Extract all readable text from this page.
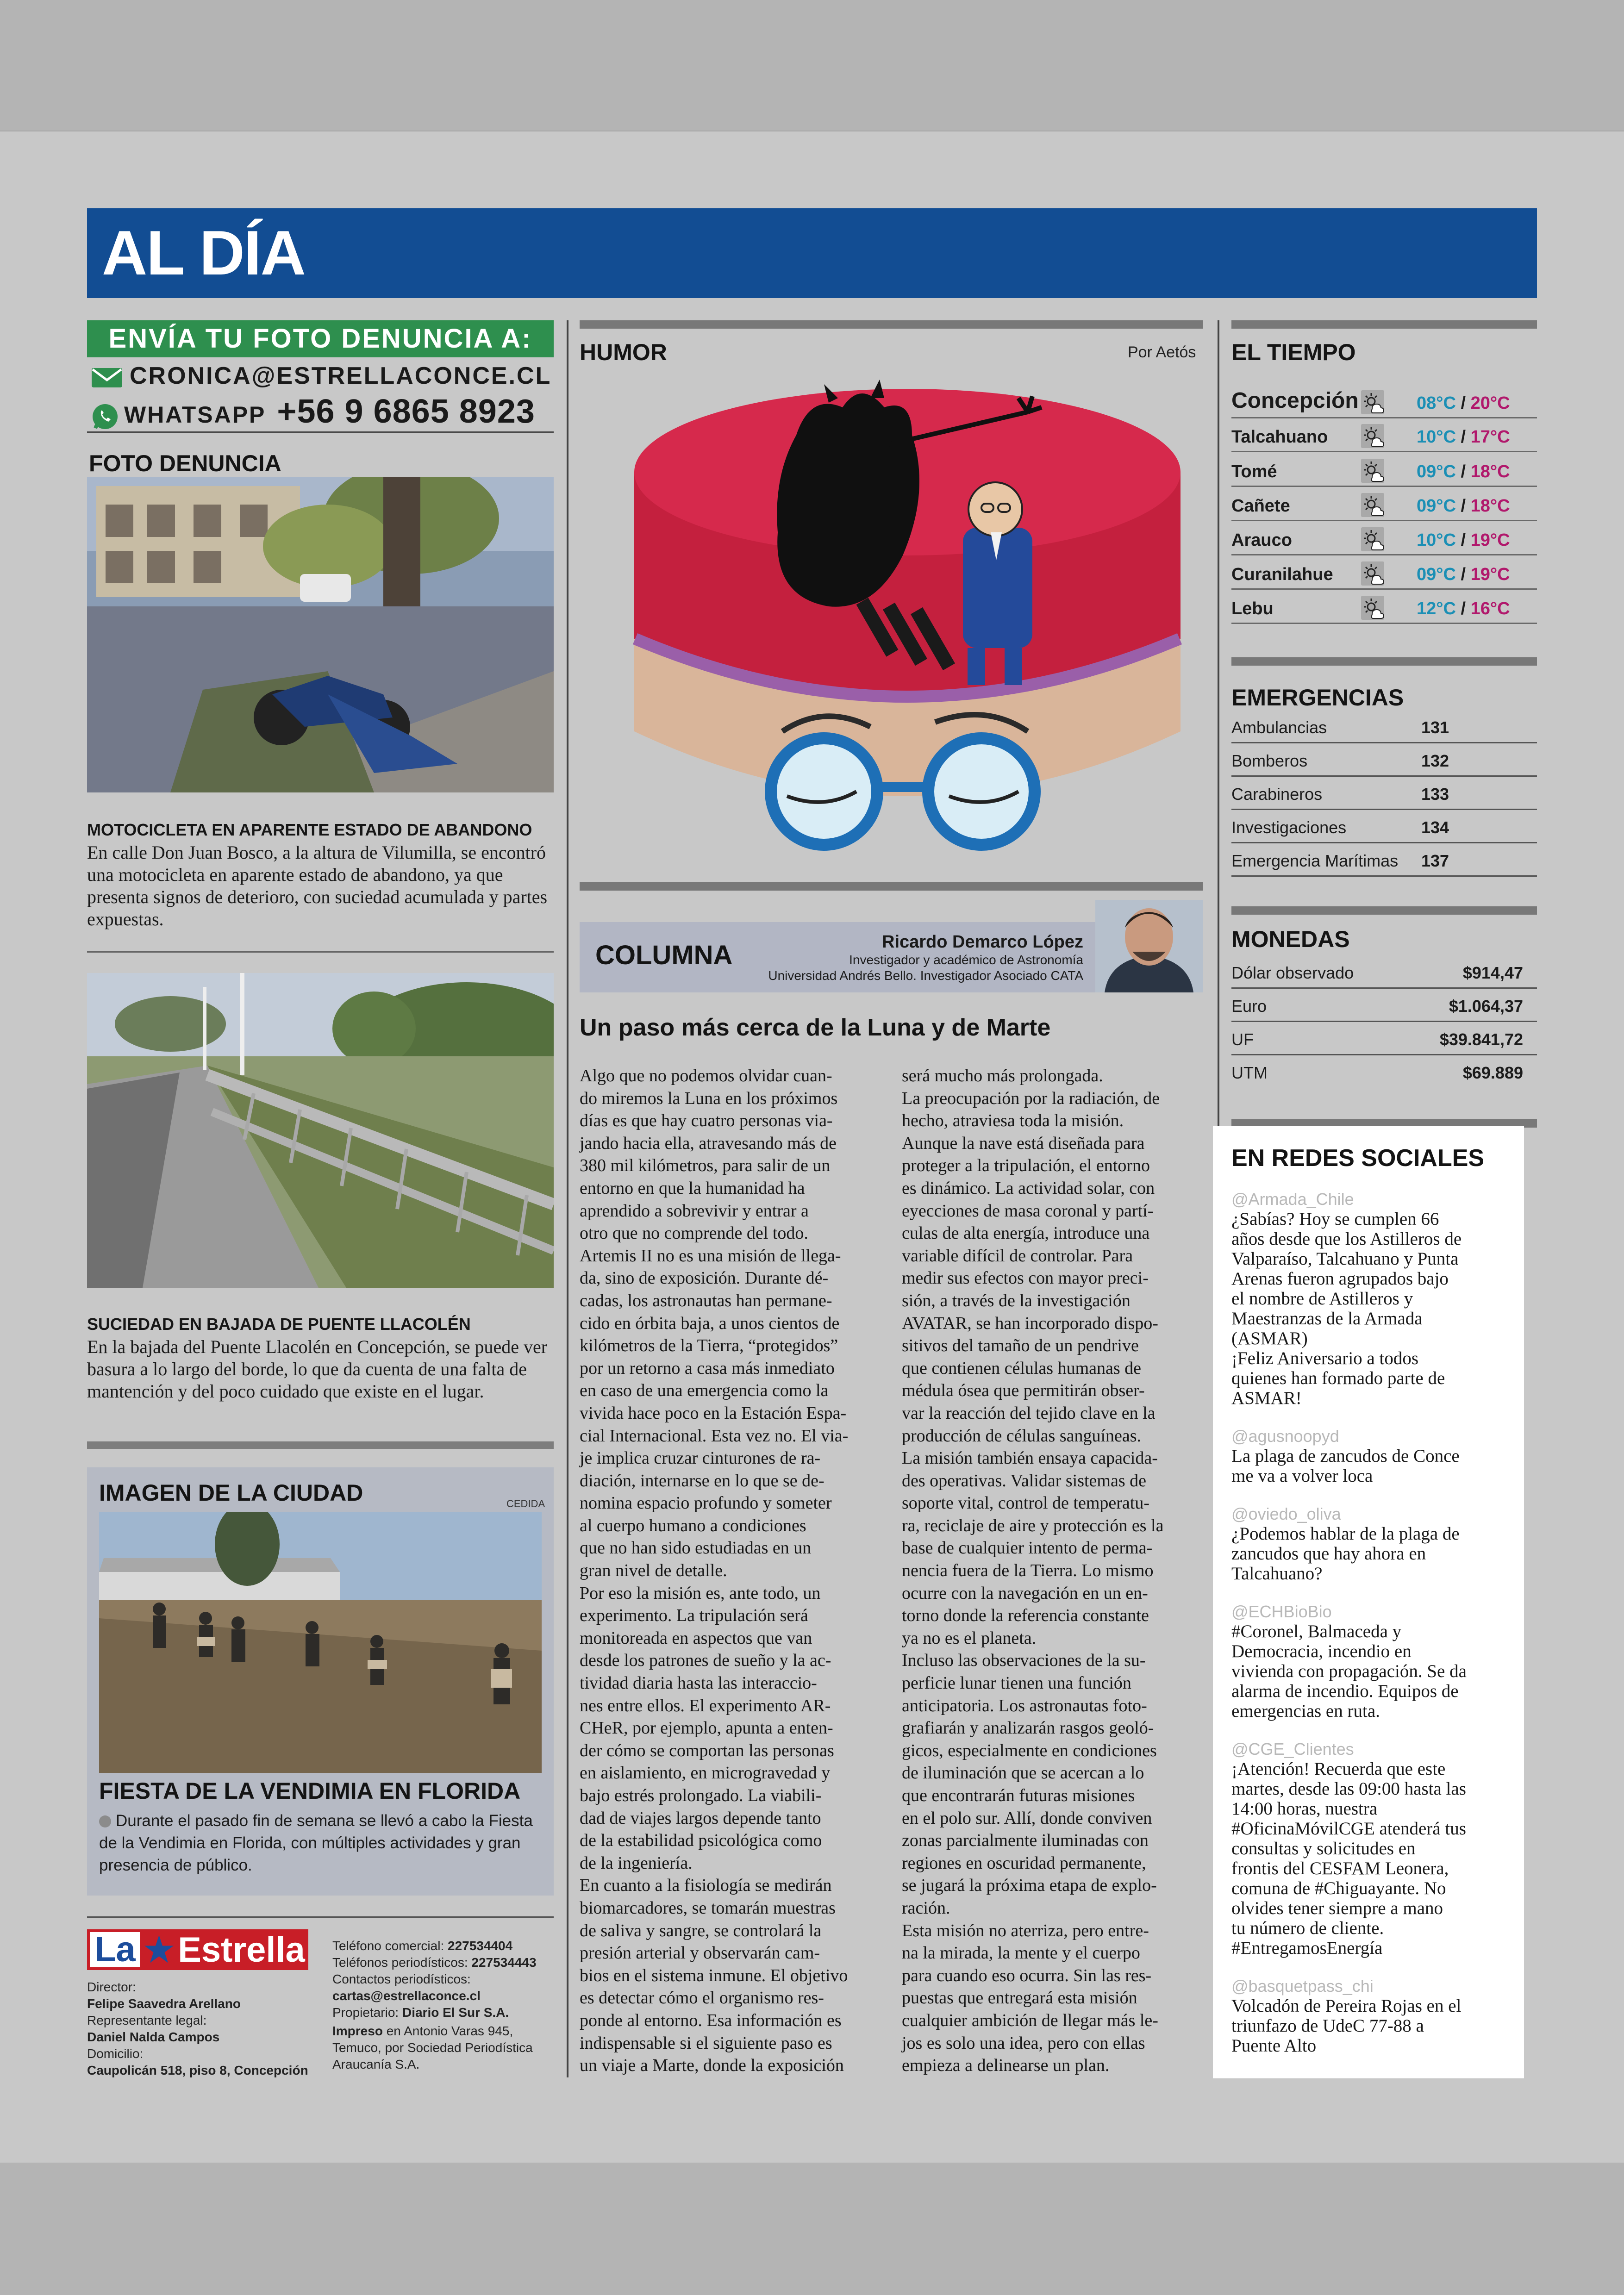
AL DÍA
ENVÍA TU FOTO DENUNCIA A:
CRONICA@ESTRELLACONCE.CL
WHATSAPP +56 9 6865 8923
FOTO DENUNCIA
MOTOCICLETA EN APARENTE ESTADO DE ABANDONO
En calle Don Juan Bosco, a la altura de Vilumilla, se encontró una motocicleta en aparente estado de abandono, ya que presenta signos de deterioro, con suciedad acumulada y partes expuestas.
SUCIEDAD EN BAJADA DE PUENTE LLACOLÉN
En la bajada del Puente Llacolén en Concepción, se puede ver basura a lo largo del borde, lo que da cuenta de una falta de mantención y del poco cuidado que existe en el lugar.
IMAGEN DE LA CIUDAD	CEDIDA
FIESTA DE LA VENDIMIA EN FLORIDA
Durante el pasado fin de semana se llevó a cabo la Fiesta de la Vendimia en Florida, con múltiples actividades y gran presencia de público.
La ★ Estrella
Director:
Felipe Saavedra Arellano
Representante legal:
Daniel Nalda Campos
Domicilio:
Caupolicán 518, piso 8, Concepción
Teléfono comercial: 227534404
Teléfonos periodísticos: 227534443
Contactos periodísticos:
cartas@estrellaconce.cl
Propietario: Diario El Sur S.A.
Impreso en Antonio Varas 945,
Temuco, por Sociedad Periodística
Araucanía S.A.
HUMOR	Por Aetós
COLUMNA	Ricardo Demarco López
Investigador y académico de Astronomía
Universidad Andrés Bello. Investigador Asociado CATA
Un paso más cerca de la Luna y de Marte
Algo que no podemos olvidar cuan-
do miremos la Luna en los próximos
días es que hay cuatro personas via-
jando hacia ella, atravesando más de
380 mil kilómetros, para salir de un
entorno en que la humanidad ha
aprendido a sobrevivir y entrar a
otro que no comprende del todo.
Artemis II no es una misión de llega-
da, sino de exposición. Durante dé-
cadas, los astronautas han permane-
cido en órbita baja, a unos cientos de
kilómetros de la Tierra, “protegidos”
por un retorno a casa más inmediato
en caso de una emergencia como la
vivida hace poco en la Estación Espa-
cial Internacional. Esta vez no. El via-
je implica cruzar cinturones de ra-
diación, internarse en lo que se de-
nomina espacio profundo y someter
al cuerpo humano a condiciones
que no han sido estudiadas en un
gran nivel de detalle.
Por eso la misión es, ante todo, un
experimento. La tripulación será
monitoreada en aspectos que van
desde los patrones de sueño y la ac-
tividad diaria hasta las interaccio-
nes entre ellos. El experimento AR-
CHeR, por ejemplo, apunta a enten-
der cómo se comportan las personas
en aislamiento, en microgravedad y
bajo estrés prolongado. La viabili-
dad de viajes largos depende tanto
de la estabilidad psicológica como
de la ingeniería.
En cuanto a la fisiología se medirán
biomarcadores, se tomarán muestras
de saliva y sangre, se controlará la
presión arterial y observarán cam-
bios en el sistema inmune. El objetivo
es detectar cómo el organismo res-
ponde al entorno. Esa información es
indispensable si el siguiente paso es
un viaje a Marte, donde la exposición
será mucho más prolongada.
La preocupación por la radiación, de
hecho, atraviesa toda la misión.
Aunque la nave está diseñada para
proteger a la tripulación, el entorno
es dinámico. La actividad solar, con
eyecciones de masa coronal y partí-
culas de alta energía, introduce una
variable difícil de controlar. Para
medir sus efectos con mayor preci-
sión, a través de la investigación
AVATAR, se han incorporado dispo-
sitivos del tamaño de un pendrive
que contienen células humanas de
médula ósea que permitirán obser-
var la reacción del tejido clave en la
producción de células sanguíneas.
La misión también ensaya capacida-
des operativas. Validar sistemas de
soporte vital, control de temperatu-
ra, reciclaje de aire y protección es la
base de cualquier intento de perma-
nencia fuera de la Tierra. Lo mismo
ocurre con la navegación en un en-
torno donde la referencia constante
ya no es el planeta.
Incluso las observaciones de la su-
perficie lunar tienen una función
anticipatoria. Los astronautas foto-
grafiarán y analizarán rasgos geoló-
gicos, especialmente en condiciones
de iluminación que se acercan a lo
que encontrarán futuras misiones
en el polo sur. Allí, donde conviven
zonas parcialmente iluminadas con
regiones en oscuridad permanente,
se jugará la próxima etapa de explo-
ración.
Esta misión no aterriza, pero entre-
na la mirada, la mente y el cuerpo
para cuando eso ocurra. Sin las res-
puestas que entregará esta misión
cualquier ambición de llegar más le-
jos es solo una idea, pero con ellas
empieza a delinearse un plan.
EL TIEMPO
Concepción	08°C / 20°C
Talcahuano	10°C / 17°C
Tomé	09°C / 18°C
Cañete	09°C / 18°C
Arauco	10°C / 19°C
Curanilahue	09°C / 19°C
Lebu	12°C / 16°C
EMERGENCIAS
Ambulancias	131
Bomberos	132
Carabineros	133
Investigaciones	134
Emergencia Marítimas 137
MONEDAS
Dólar observado	$914,47
Euro	$1.064,37
UF	$39.841,72
UTM	$69.889
EN REDES SOCIALES
@Armada_Chile
¿Sabías? Hoy se cumplen 66
años desde que los Astilleros de
Valparaíso, Talcahuano y Punta
Arenas fueron agrupados bajo
el nombre de Astilleros y
Maestranzas de la Armada
(ASMAR)
¡Feliz Aniversario a todos
quienes han formado parte de
ASMAR!
@agusnoopyd
La plaga de zancudos de Conce
me va a volver loca
@oviedo_oliva
¿Podemos hablar de la plaga de
zancudos que hay ahora en
Talcahuano?
@ECHBioBio
#Coronel, Balmaceda y
Democracia, incendio en
vivienda con propagación. Se da
alarma de incendio. Equipos de
emergencias en ruta.
@CGE_Clientes
¡Atención! Recuerda que este
martes, desde las 09:00 hasta las
14:00 horas, nuestra
#OficinaMóvilCGE atenderá tus
consultas y solicitudes en
frontis del CESFAM Leonera,
comuna de #Chiguayante. No
olvides tener siempre a mano
tu número de cliente.
#EntregamosEnergía
@basquetpass_chi
Volcadón de Pereira Rojas en el
triunfazo de UdeC 77-88 a
Puente Alto
